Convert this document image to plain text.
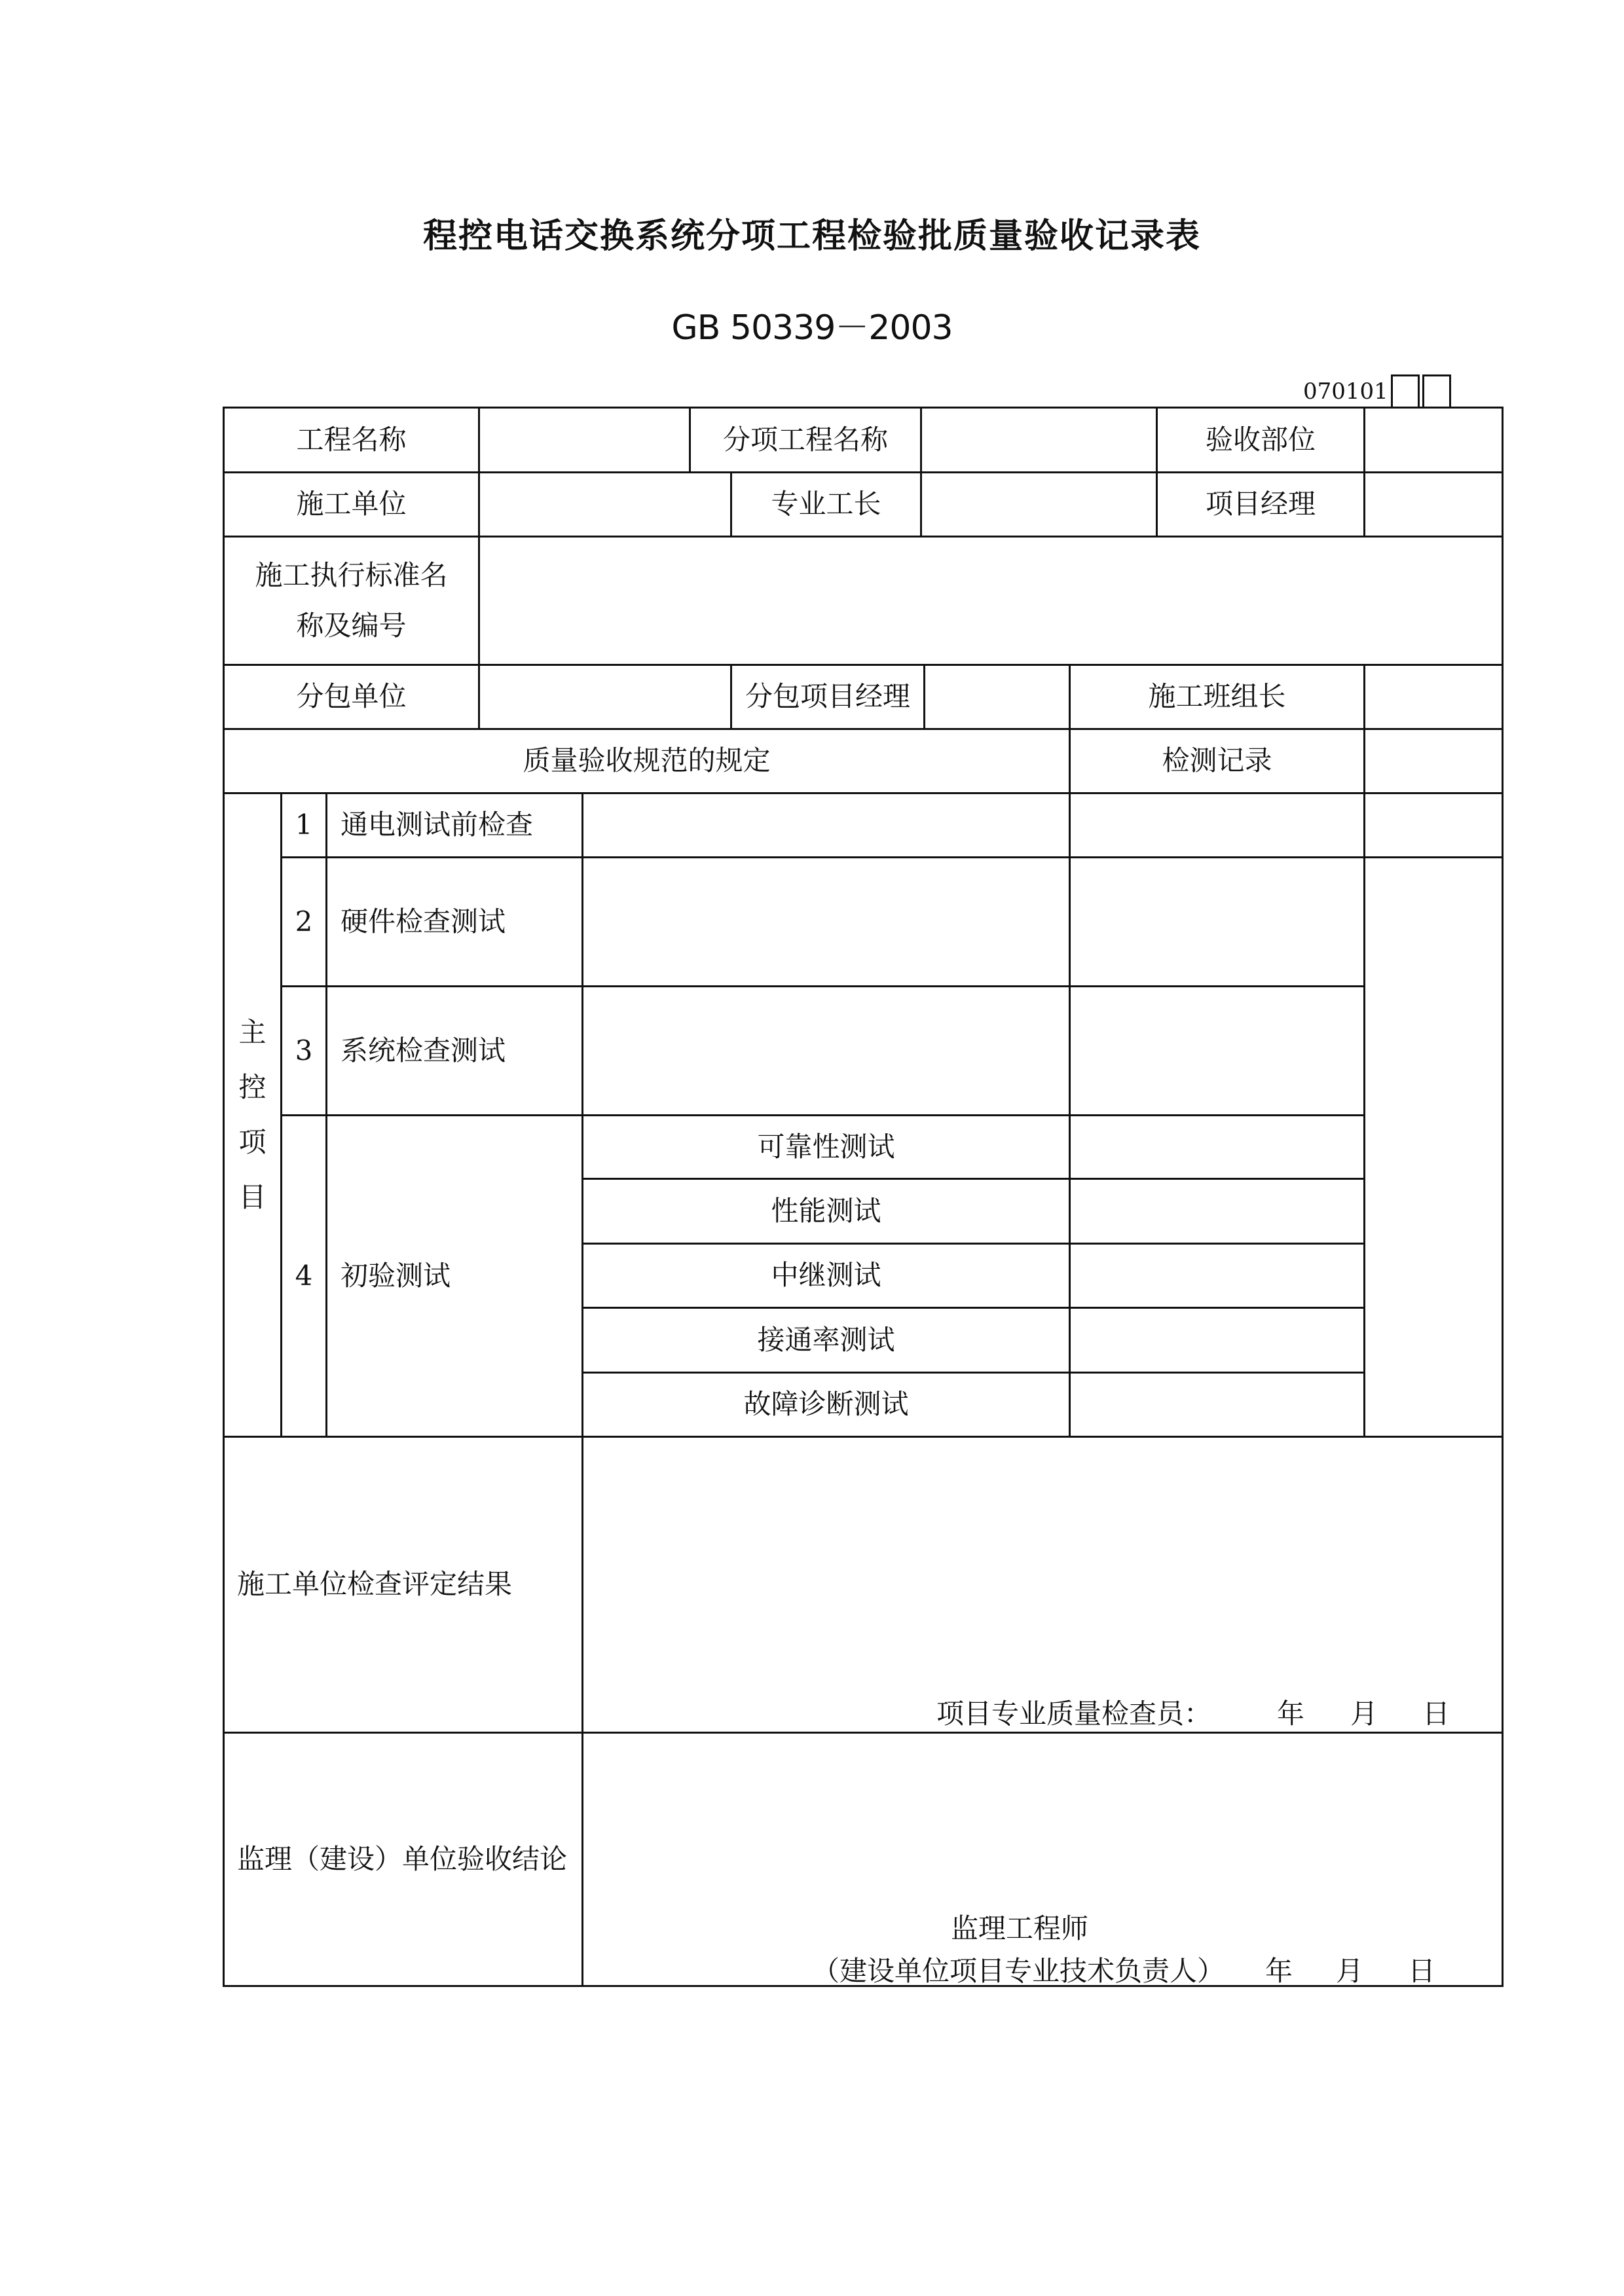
程控电话交换系统分项工程检验批质量验收记录表
GB 50339－2003
070101
工程名称	分项工程名称	验收部位
施工单位	专业工长	项目经理
施工执行标准名
称及编号
分包单位	分包项目经理	施工班组长
质量验收规范的规定	检测记录
主
控
项
目
1	通电测试前检查
2	硬件检查测试
3	系统检查测试
4	初验测试
可靠性测试
性能测试
中继测试
接通率测试
故障诊断测试
施工单位检查评定结果
项目专业质量检查员： 年 月 日
监理（建设）单位验收结论
监理工程师
（建设单位项目专业技术负责人） 年 月 日
